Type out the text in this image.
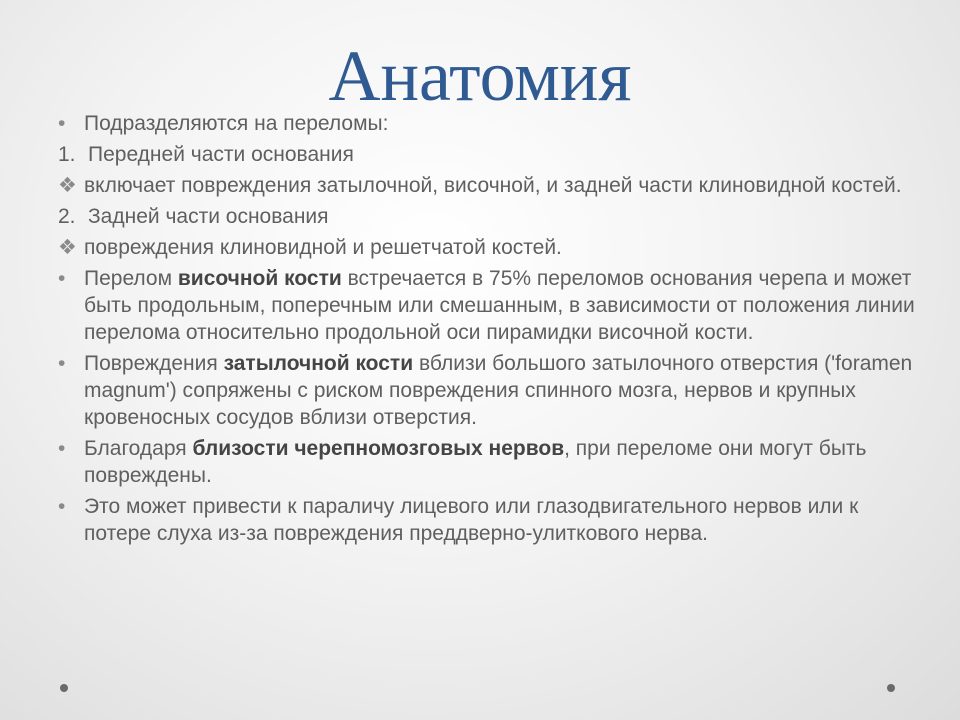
Анатомия
• Подразделяются на переломы:
1. Передней части основания
❖ включает повреждения затылочной, височной, и задней части клиновидной костей.
2. Задней части основания
❖ повреждения клиновидной и решетчатой костей.
• Перелом височной кости встречается в 75% переломов основания черепа и может быть продольным, поперечным или смешанным, в зависимости от положения линии перелома относительно продольной оси пирамидки височной кости.
• Повреждения затылочной кости вблизи большого затылочного отверстия ('foramen magnum') сопряжены с риском повреждения спинного мозга, нервов и крупных кровеносных сосудов вблизи отверстия.
• Благодаря близости черепномозговых нервов, при переломе они могут быть повреждены.
• Это может привести к параличу лицевого или глазодвигательного нервов или к потере слуха из-за повреждения преддверно-улиткового нерва.
